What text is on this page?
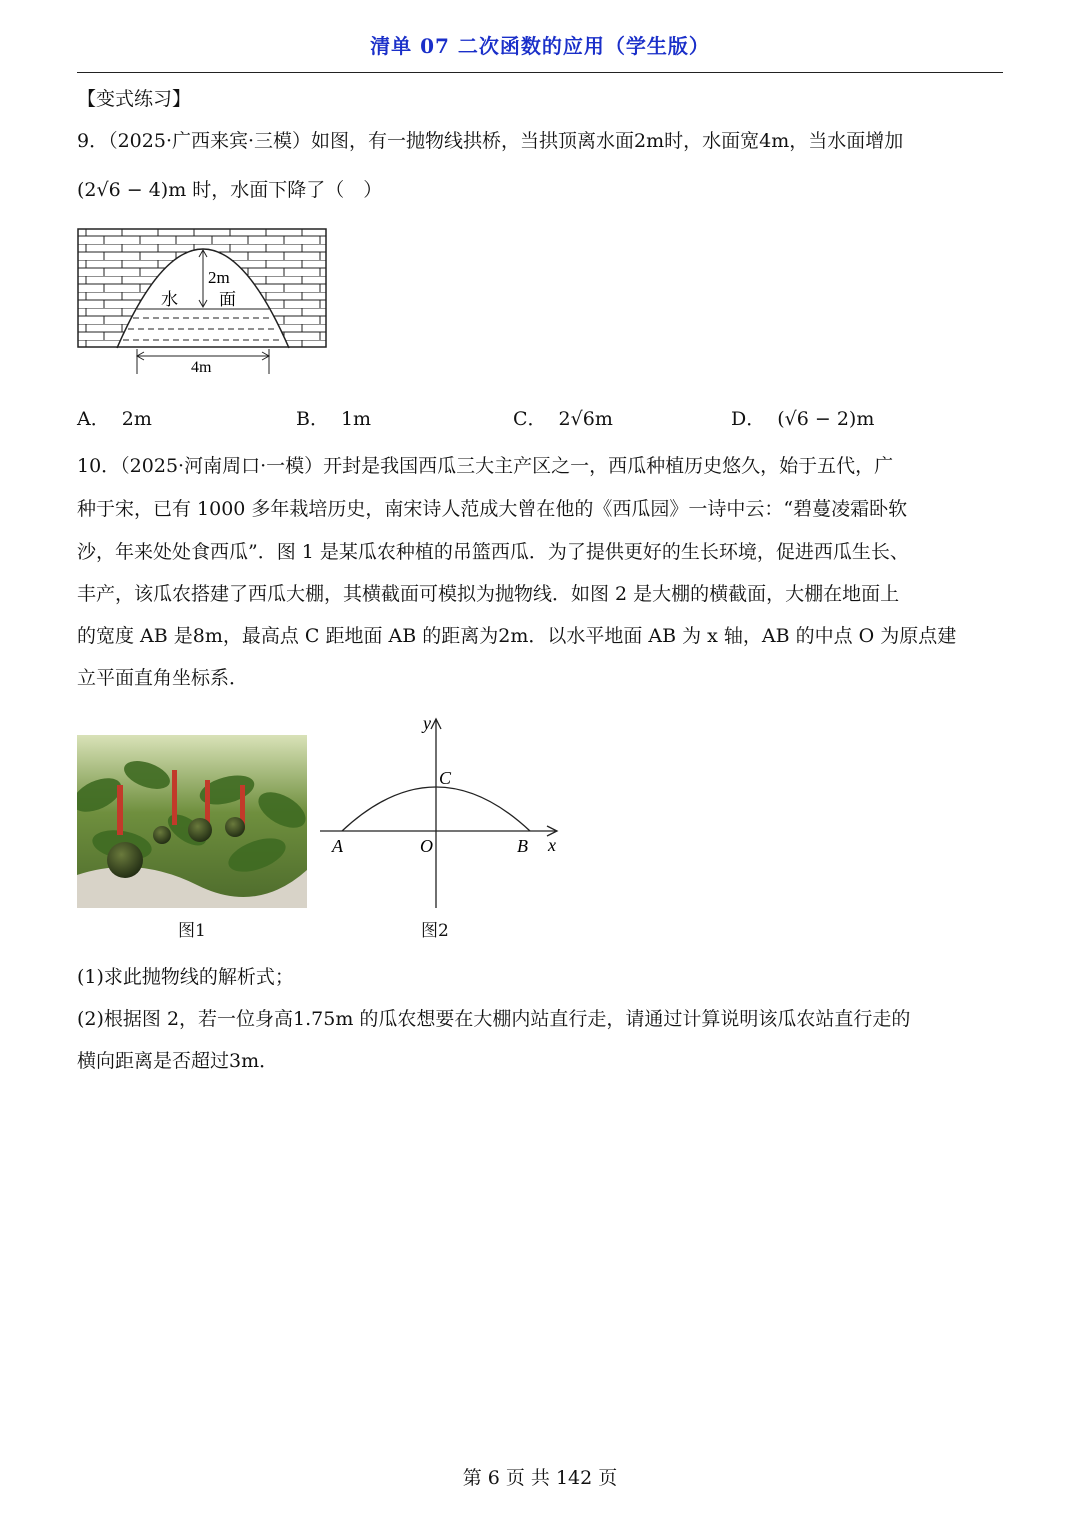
清单 07 二次函数的应用（学生版）
【变式练习】
9．（2025·广西来宾·三模）如图，有一抛物线拱桥，当拱顶离水面2m时，水面宽4m，当水面增加
(2√6 − 4)m 时，水面下降了（　）
2m
水 面
4m
A． 2m	B． 1m	C． 2√6m	D． (√6 − 2)m
10．（2025·河南周口·一模）开封是我国西瓜三大主产区之一，西瓜种植历史悠久，始于五代，广
种于宋，已有 1000 多年栽培历史，南宋诗人范成大曾在他的《西瓜园》一诗中云：“碧蔓凌霜卧软
沙，年来处处食西瓜”．图 1 是某瓜农种植的吊篮西瓜．为了提供更好的生长环境，促进西瓜生长、
丰产，该瓜农搭建了西瓜大棚，其横截面可模拟为抛物线．如图 2 是大棚的横截面，大棚在地面上
的宽度 AB 是8m，最高点 C 距地面 AB 的距离为2m．以水平地面 AB 为 x 轴，AB 的中点 O 为原点建
立平面直角坐标系．
图1
y
x
C
A	O	B
图2
(1)求此抛物线的解析式；
(2)根据图 2，若一位身高1.75m 的瓜农想要在大棚内站直行走，请通过计算说明该瓜农站直行走的
横向距离是否超过3m．
第 6 页 共 142 页
